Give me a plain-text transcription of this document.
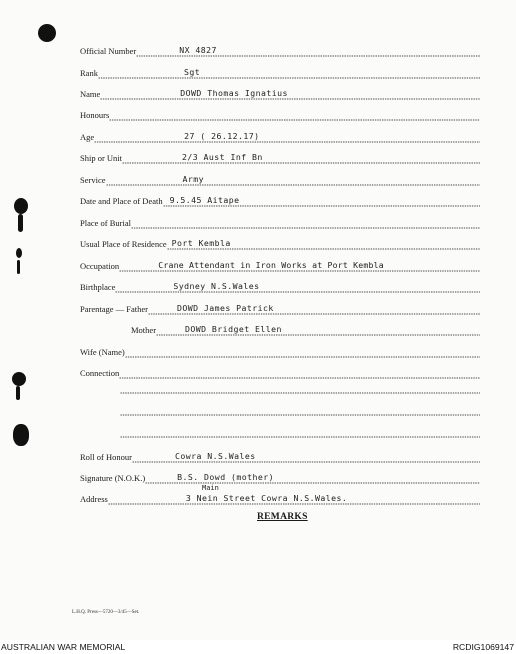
Official Number	NX 4827
Rank	Sgt
Name	DOWD Thomas Ignatius
Honours
Age	27 ( 26.12.17)
Ship or Unit	2/3 Aust Inf Bn
Service	Army
Date and Place of Death 9.5.45 Aitape
Place of Burial
Usual Place of Residence Port Kembla
Occupation	Crane Attendant in Iron Works at Port Kembla
Birthplace	Sydney N.S.Wales
Parentage — Father	DOWD James Patrick
Mother	DOWD Bridget Ellen
Wife (Name)
Connection
Roll of Honour	Cowra N.S.Wales
Signature (N.O.K.)	B.S. Dowd (mother)
Main
Address	3 Nein Street Cowra N.S.Wales.
REMARKS
L.H.Q. Press—5720—3/45—Set.
AUSTRALIAN WAR MEMORIAL	RCDIG1069147
